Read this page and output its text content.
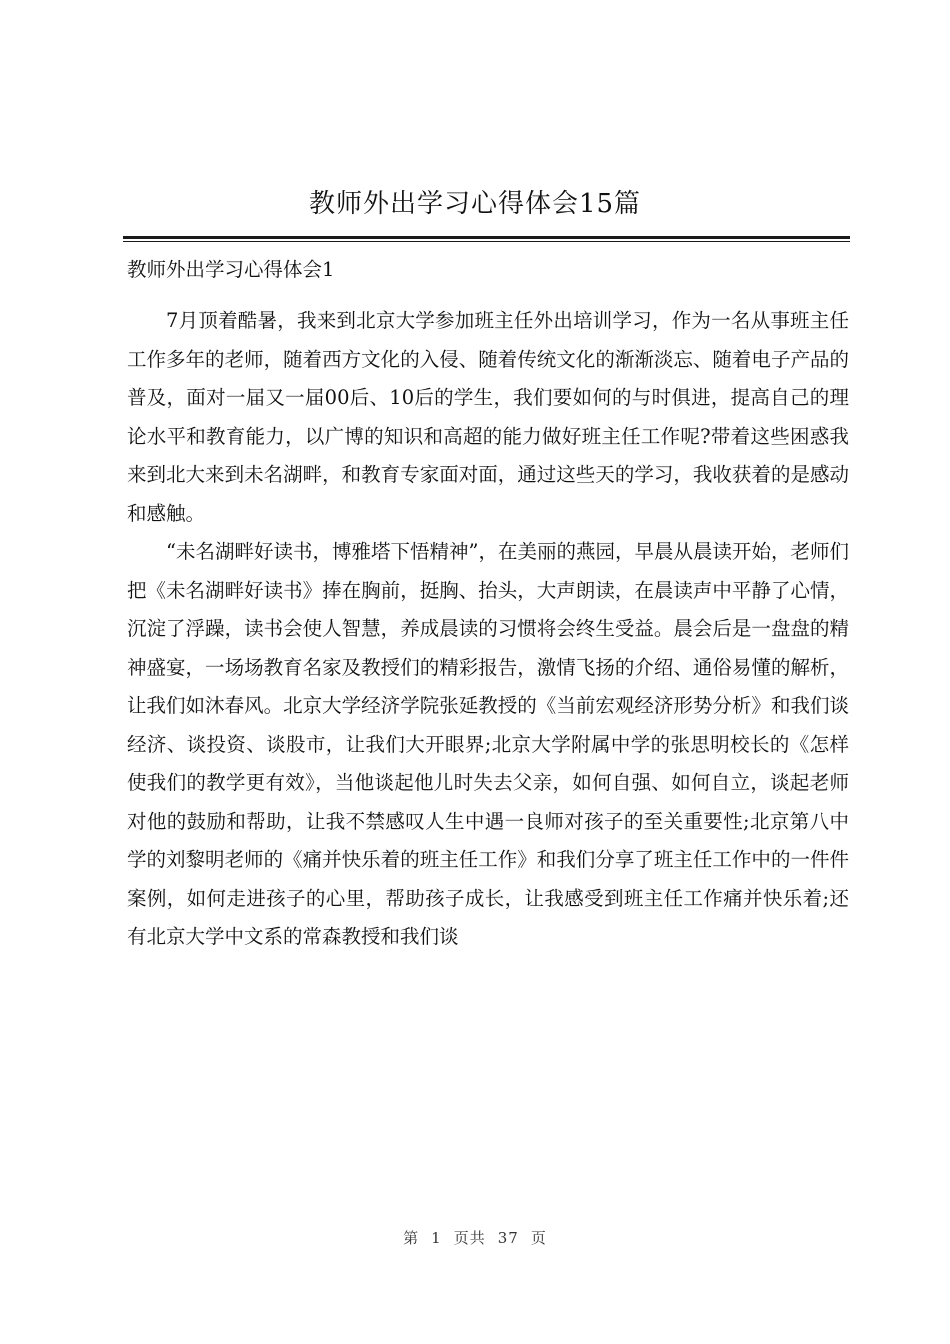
教师外出学习心得体会15篇
教师外出学习心得体会1

7月顶着酷暑，我来到北京大学参加班主任外出培训学习，作为一名从事班主任工作多年的老师，随着西方文化的入侵、随着传统文化的渐渐淡忘、随着电子产品的普及，面对一届又一届00后、10后的学生，我们要如何的与时俱进，提高自己的理论水平和教育能力，以广博的知识和高超的能力做好班主任工作呢?带着这些困惑我来到北大来到未名湖畔，和教育专家面对面，通过这些天的学习，我收获着的是感动和感触。

“未名湖畔好读书，博雅塔下悟精神”，在美丽的燕园，早晨从晨读开始，老师们把《未名湖畔好读书》捧在胸前，挺胸、抬头，大声朗读，在晨读声中平静了心情，沉淀了浮躁，读书会使人智慧，养成晨读的习惯将会终生受益。晨会后是一盘盘的精神盛宴，一场场教育名家及教授们的精彩报告，激情飞扬的介绍、通俗易懂的解析，让我们如沐春风。北京大学经济学院张延教授的《当前宏观经济形势分析》和我们谈经济、谈投资、谈股市，让我们大开眼界;北京大学附属中学的张思明校长的《怎样使我们的教学更有效》，当他谈起他儿时失去父亲，如何自强、如何自立，谈起老师对他的鼓励和帮助，让我不禁感叹人生中遇一良师对孩子的至关重要性;北京第八中学的刘黎明老师的《痛并快乐着的班主任工作》和我们分享了班主任工作中的一件件案例，如何走进孩子的心里，帮助孩子成长，让我感受到班主任工作痛并快乐着;还有北京大学中文系的常森教授和我们谈

第 1 页共 37 页
